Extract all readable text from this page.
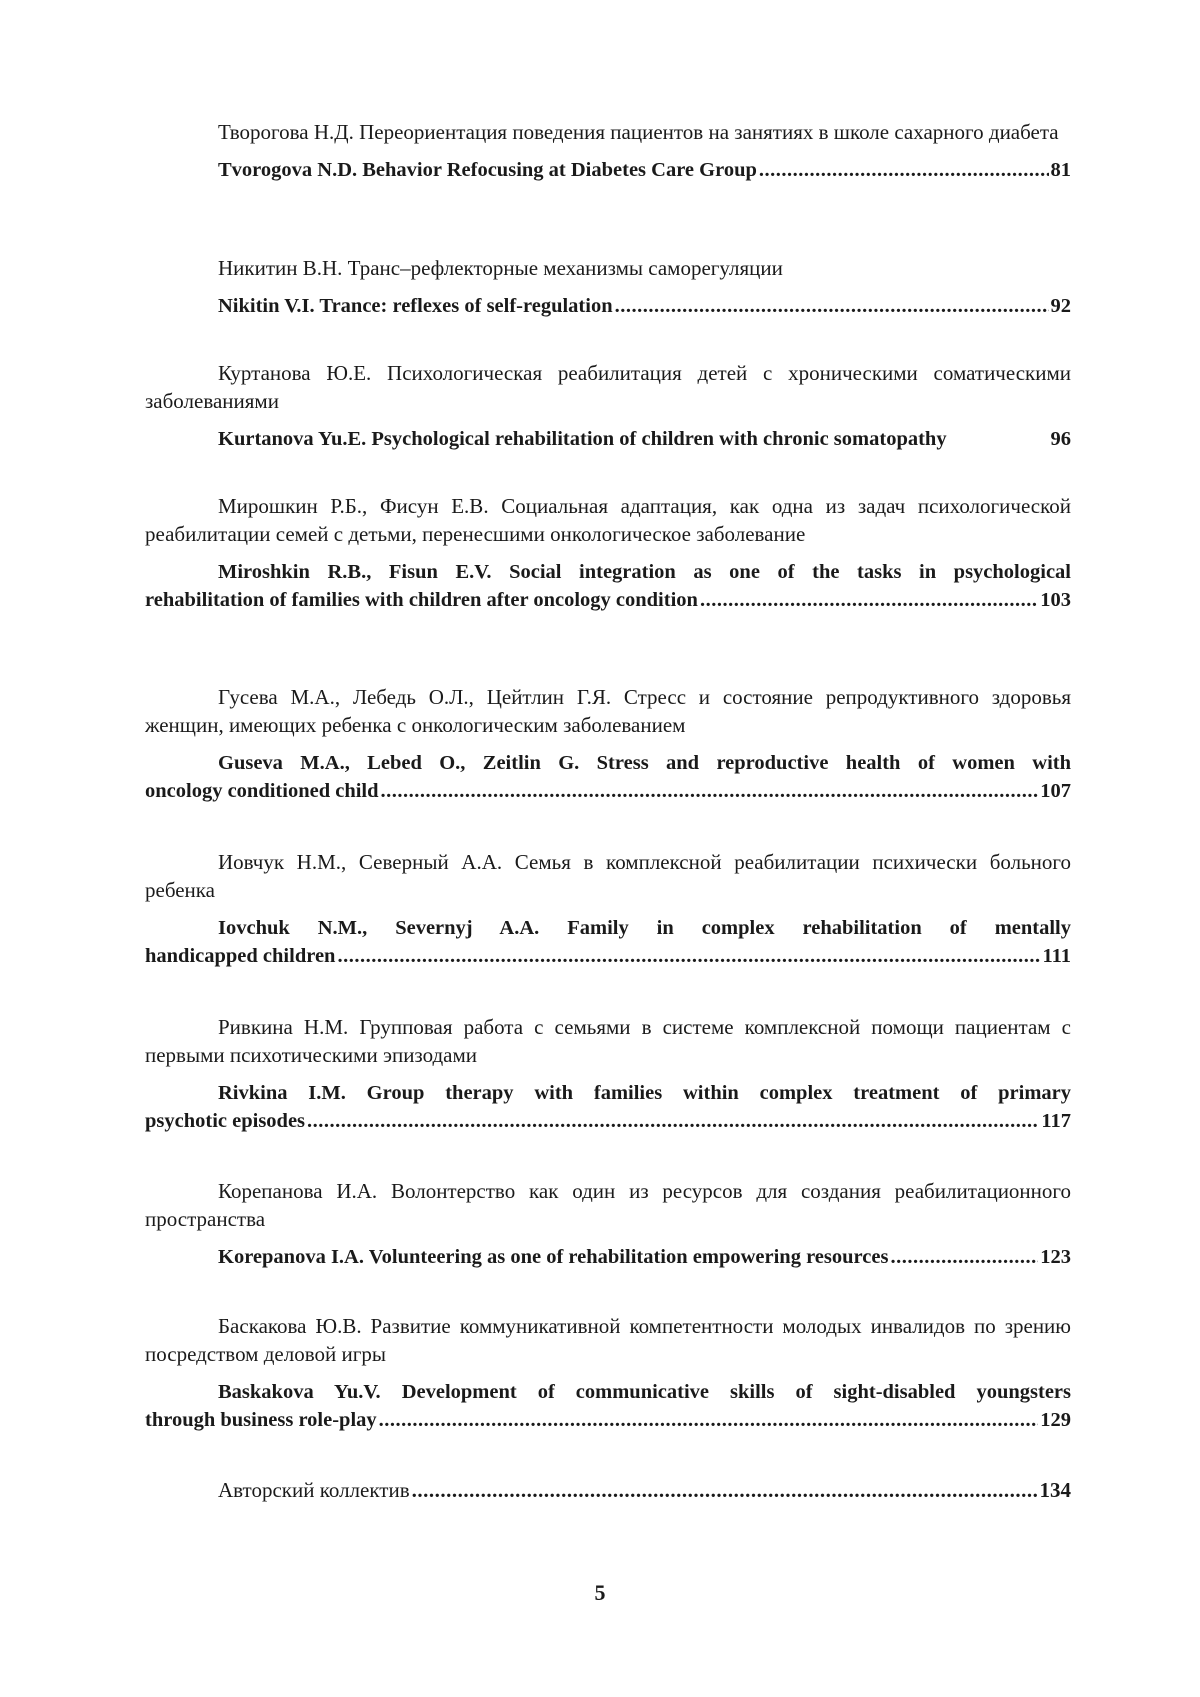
Творогова Н.Д. Переориентация поведения пациентов на занятиях в школе сахарного диабета

Tvorogova N.D. Behavior Refocusing at Diabetes Care Group .....	81

Никитин В.Н. Транс–рефлекторные механизмы саморегуляции

Nikitin V.I. Trance: reflexes of self-regulation .....	92

Куртанова Ю.Е. Психологическая реабилитация детей с хроническими соматическими заболеваниями

Kurtanova Yu.E. Psychological rehabilitation of children with chronic somatopathy	96

Мирошкин Р.Б., Фисун Е.В. Социальная адаптация, как одна из задач психологической реабилитации семей с детьми, перенесшими онкологическое заболевание

Miroshkin R.B., Fisun E.V. Social integration as one of the tasks in psychological
rehabilitation of families with children after oncology condition .....	103

Гусева М.А., Лебедь О.Л., Цейтлин Г.Я. Стресс и состояние репродуктивного здоровья женщин, имеющих ребенка с онкологическим заболеванием

Guseva M.A., Lebed O., Zeitlin G. Stress and reproductive health of women with
oncology conditioned child .....	107

Иовчук Н.М., Северный А.А. Семья в комплексной реабилитации психически больного ребенка

Iovchuk N.M., Severnyj A.A. Family in complex rehabilitation of mentally
handicapped children .....	111

Ривкина Н.М. Групповая работа с семьями в системе комплексной помощи пациентам с первыми психотическими эпизодами

Rivkina I.M. Group therapy with families within complex treatment of primary
psychotic episodes .....	117

Корепанова И.А. Волонтерство как один из ресурсов для создания реабилитационного пространства

Korepanova I.A. Volunteering as one of rehabilitation empowering resources .....	123

Баскакова Ю.В. Развитие коммуникативной компетентности молодых инвалидов по зрению посредством деловой игры

Baskakova Yu.V. Development of communicative skills of sight-disabled youngsters
through business role-play .....	129
Авторский коллектив .....	134
5
